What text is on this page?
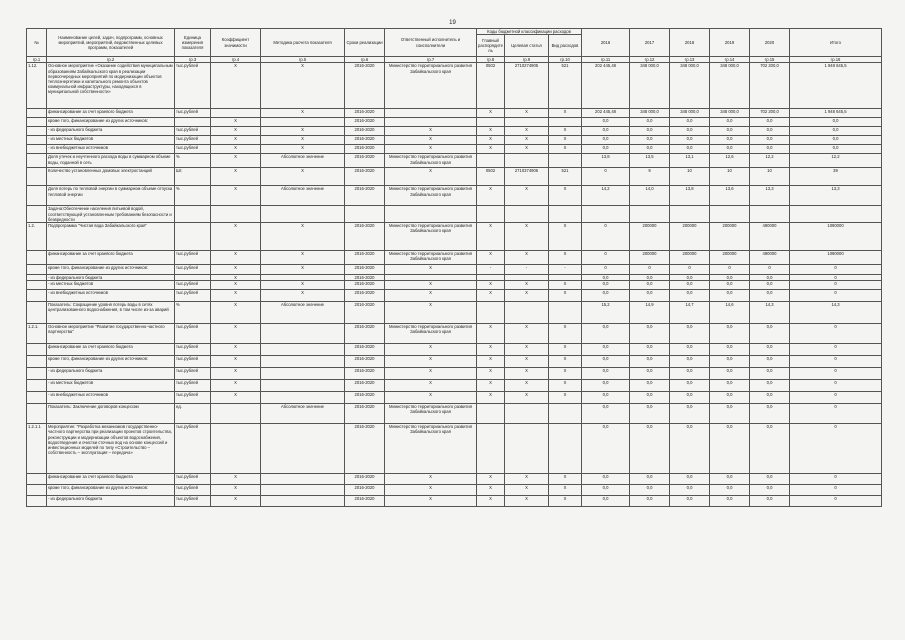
19
№	Наименование целей, задач, подпрограмм, основных мероприятий, мероприятий, ведомственных целевых программ, показателей	Единица измерения показателя	Коэффициент значимости	Методика расчета показателя	Сроки реализации	Ответственный исполнитель и соисполнители	Коды бюджетной классификации расходов			2016	2017	2018	2019	2020	Итого
							Главный распорядитель	Целевая статья	Вид расходов						
гр.1	гр.2	гр.3	гр.4	гр.5	гр.6	гр.7	гр.8	гр.9	гр.10	гр.11	гр.12	гр.13	гр.14	гр.15	гр.16
1.12.	Основное мероприятие «Оказание содействия муниципальным образованиям Забайкальского края в реализации первоочередных мероприятий по модернизации объектов теплоэнергетики и капитального ремонта объектов коммунальной инфраструктуры, находящихся в муниципальной собственности»	тыс.рублей	X	X	2016-2020	Министерство территориального развития Забайкальского края	0502	2710274905	521	202 445,48	348 000,0	348 000,0	348 000,0	702 200,0	1 948 645,5
	финансирование за счет краевого бюджета	тыс.рублей		X	2016-2020		X	X	X	202 445,48	348 000,0	348 000,0	348 000,0	702 200,0	1 948 645,5
	кроме того, финансирование из других источников:		X		2016-2020					0,0	0,0	0,0	0,0	0,0	0,0
	- из федерального бюджета	тыс.рублей	X	X	2016-2020	X	X	X	X	0,0	0,0	0,0	0,0	0,0	0,0
	- из местных бюджетов	тыс.рублей	X	X	2016-2020	X	X	X	X	0,0	0,0	0,0	0,0	0,0	0,0
	- из внебюджетных источников	тыс.рублей	X	X	2016-2020	X	X	X	X	0,0	0,0	0,0	0,0	0,0	0,0
	Доля утечек и неучтенного расхода воды в суммарном объеме воды, поданной в сеть	%	X	Абсолютное значение	2016-2020	Министерство территориального развития Забайкальского края				13,8	13,5	13,1	12,6	12,2	12,2
	Количество установленных домовых электростанций	Шт.	X	X	2016-2020	X	0502	2710374906	521	0	9	10	10	10	39
	Доля потерь по тепловой энергии в суммарном объеме отпуска тепловой энергии	%	X	Абсолютное значение	2016-2020	Министерство территориального развития Забайкальского края	X	X	X	14,2	14,0	13,8	13,6	13,3	13,3
	Задача:Обеспечение населения питьевой водой, соответствующей установленным требованиям безопасности и безвредности														
1.2.	Подпрограмма "Чистая вода Забайкальского края"		X	X	2016-2020	Министерство территориального развития Забайкальского края	X	X	X	0	200000	200000	200000	490000	1090000
	финансирование за счет краевого бюджета	тыс.рублей	X	X	2016-2020	Министерство территориального развития Забайкальского края	X	X	X	0	200000	200000	200000	490000	1090000
	кроме того, финансирование из других источников:	тыс.рублей	X	X	2016-2020	X	-	-	-	0	0	0	0	0	0
	- из федерального бюджета		X		2016-2020					0,0	0,0	0,0	0,0	0,0	0
	- из местных бюджетов	тыс.рублей	X	X	2016-2020	X	X	X	X	0,0	0,0	0,0	0,0	0,0	0
	- из внебюджетных источников	тыс.рублей	X	X	2016-2020	X	X	X	X	0,0	0,0	0,0	0,0	0,0	0
	Показатель: Сокращение уровня потерь воды в сетях централизованного водоснабжения, в том числе из-за аварий	%	X	Абсолютное значение	2016-2020	X				15,2	14,9	14,7	14,6	14,3	14,3
1.2.1.	Основное мероприятие "Развитие государственно-частного партнерства"	тыс.рублей	X		2016-2020	Министерство территориального развития Забайкальского края	X	X	X	0,0	0,0	0,0	0,0	0,0	0
	финансирование за счет краевого бюджета	тыс.рублей	X		2016-2020	X	X	X	X	0,0	0,0	0,0	0,0	0,0	0
	кроме того, финансирование из других источников:	тыс.рублей	X		2016-2020	X	X	X	X	0,0	0,0	0,0	0,0	0,0	0
	- из федерального бюджета	тыс.рублей	X		2016-2020	X	X	X	X	0,0	0,0	0,0	0,0	0,0	0
	- из местных бюджетов	тыс.рублей	X		2016-2020	X	X	X	X	0,0	0,0	0,0	0,0	0,0	0
	- из внебюджетных источников	тыс.рублей	X		2016-2020	X	X	X	X	0,0	0,0	0,0	0,0	0,0	0
	Показатель: Заключение договоров концессии	ед.		Абсолютное значение	2016-2020	Министерство территориального развития Забайкальского края				0,0	0,0	0,0	0,0	0,0	0
1.2.1.1	Мероприятие: "Разработка механизмов государственно-частного партнерства при реализации проектов строительства, реконструкции и модернизации объектов водоснабжения, водоотведения и очистки сточных вод на основе концессий и инвестиционных моделей по типу «Строительство – собственность – эксплуатация – передача»	тыс.рублей			2016-2020	Министерство территориального развития Забайкальского края				0,0	0,0	0,0	0,0	0,0	0
	финансирование за счет краевого бюджета	тыс.рублей	X		2016-2020	X	X	X	X	0,0	0,0	0,0	0,0	0,0	0
	кроме того, финансирование из других источников:	тыс.рублей	X		2016-2020	X	X	X	X	0,0	0,0	0,0	0,0	0,0	0
	- из федерального бюджета	тыс.рублей	X		2016-2020	X	X	X	X	0,0	0,0	0,0	0,0	0,0	0
